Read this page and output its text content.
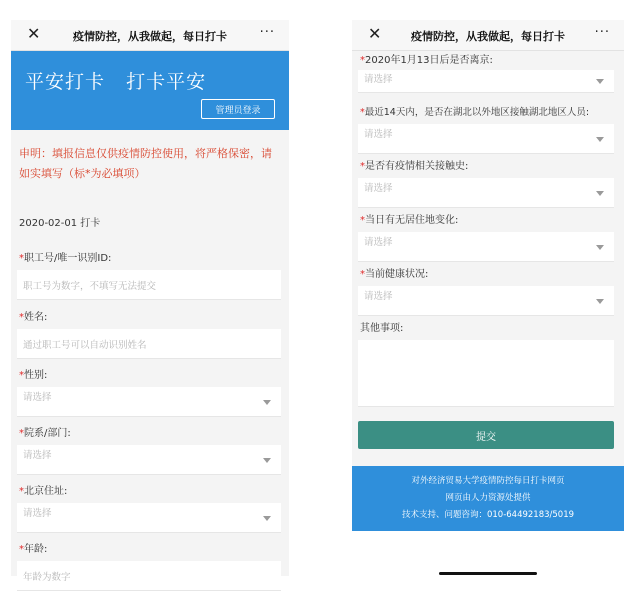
✕	疫情防控，从我做起，每日打卡	···
平安打卡   打卡平安
管理员登录
申明：填报信息仅供疫情防控使用，将严格保密，请如实填写（标*为必填项）
2020-02-01 打卡
*职工号/唯一识别ID:
职工号为数字，不填写无法提交
*姓名:
通过职工号可以自动识别姓名
*性别:
请选择
*院系/部门:
请选择
*北京住址:
请选择
*年龄:
年龄为数字
✕	疫情防控，从我做起，每日打卡	···
*2020年1月13日后是否离京:
请选择
*最近14天内，是否在湖北以外地区接触湖北地区人员:
请选择
*是否有疫情相关接触史:
请选择
*当日有无居住地变化:
请选择
*当前健康状况:
请选择
其他事项:
提交
对外经济贸易大学疫情防控每日打卡网页
网页由人力资源处提供
技术支持、问题咨询：010-64492183/5019
